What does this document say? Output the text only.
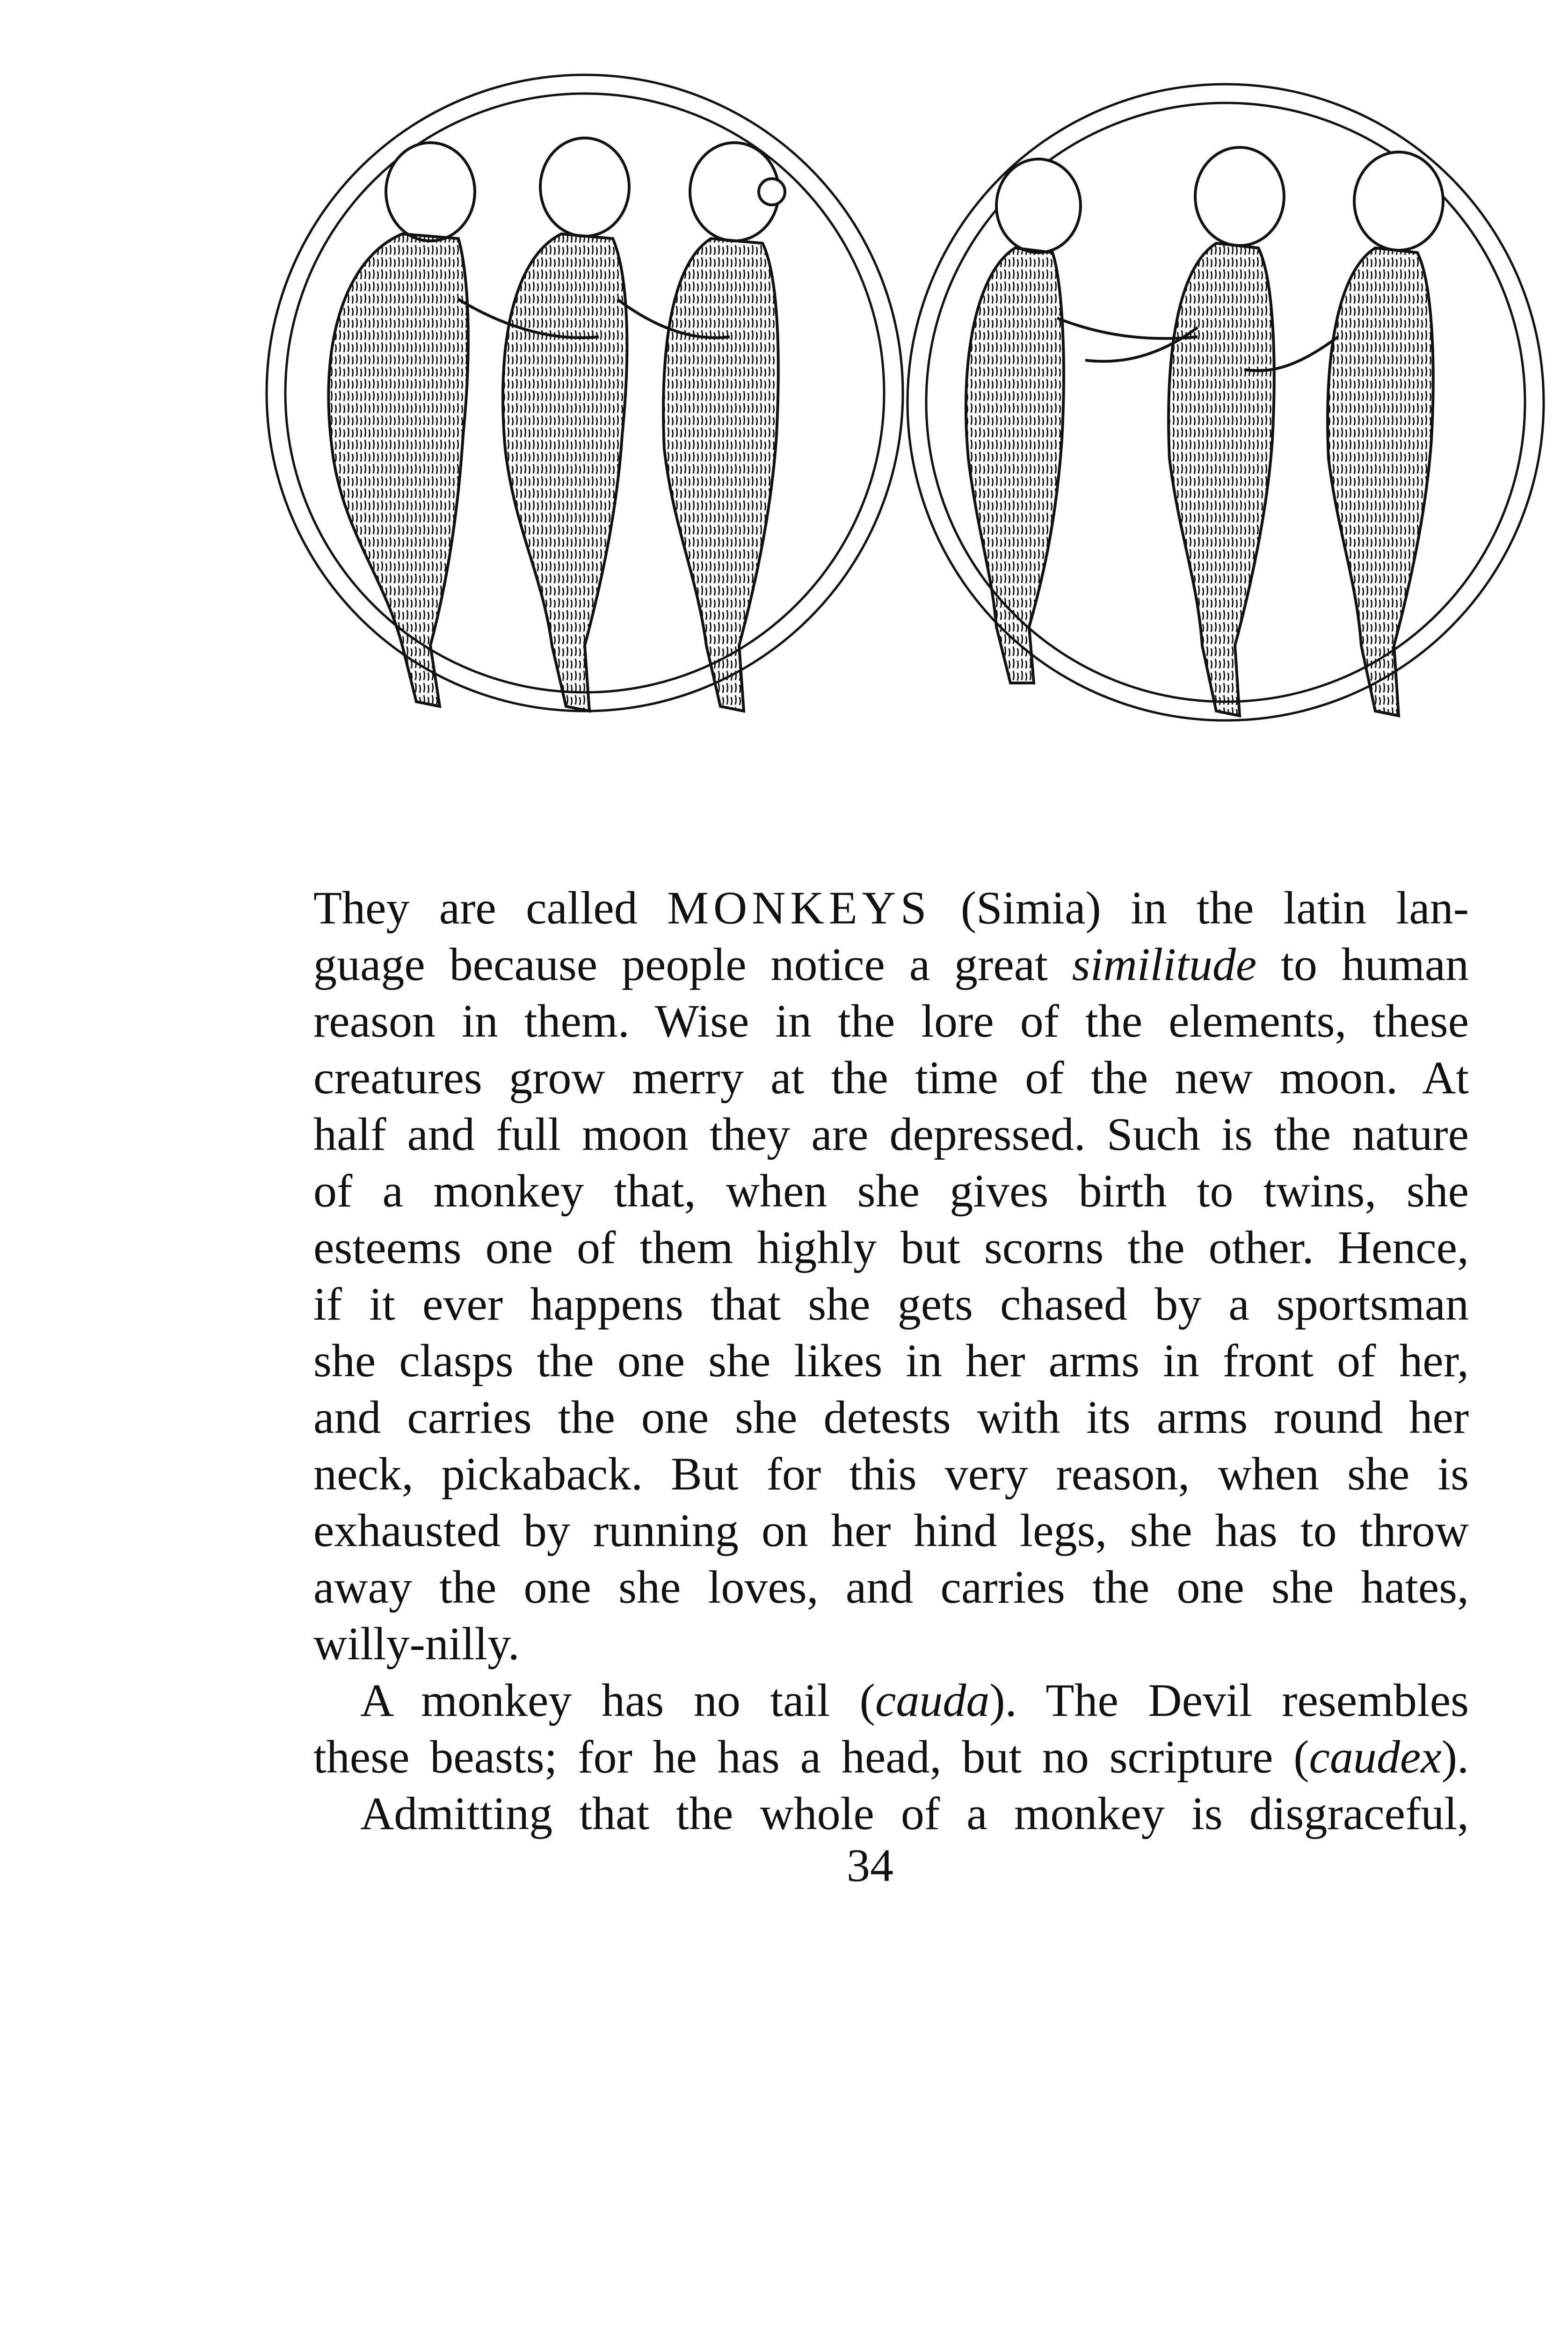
They are called MONKEYS (Simia) in the latin lan-
guage because people notice a great similitude to human
reason in them. Wise in the lore of the elements, these
creatures grow merry at the time of the new moon. At
half and full moon they are depressed. Such is the nature
of a monkey that, when she gives birth to twins, she
esteems one of them highly but scorns the other. Hence,
if it ever happens that she gets chased by a sportsman
she clasps the one she likes in her arms in front of her,
and carries the one she detests with its arms round her
neck, pickaback. But for this very reason, when she is
exhausted by running on her hind legs, she has to throw
away the one she loves, and carries the one she hates,
willy-nilly.
A monkey has no tail (cauda). The Devil resembles
these beasts; for he has a head, but no scripture (caudex).
Admitting that the whole of a monkey is disgraceful,
34
